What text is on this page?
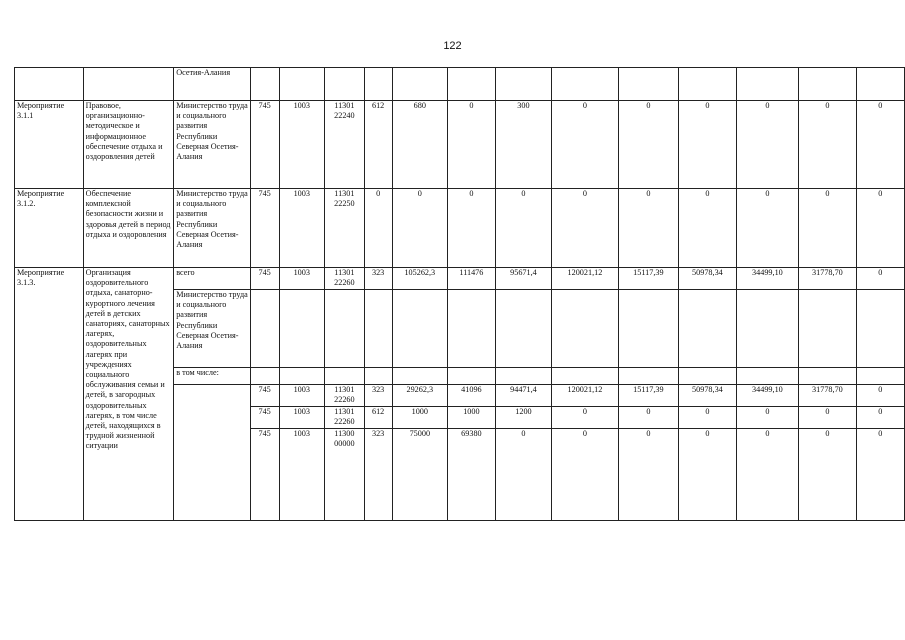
122
		Осетия-Алания													
Мероприятие 3.1.1	Правовое, организационно-методическое и информационное обеспечение отдыха и оздоровления детей	Министерство труда и социального развития Республики Северная Осетия-Алания	745	1003	11301 22240	612	680	0	300	0	0	0	0	0	0
Мероприятие 3.1.2.	Обеспечение комплексной безопасности жизни и здоровья детей в период отдыха и оздоровления	Министерство труда и социального развития Республики Северная Осетия-Алания	745	1003	11301 22250	0	0	0	0	0	0	0	0	0	0
Мероприятие 3.1.3.	Организация оздоровительного отдыха, санаторно-курортного лечения детей в детских санаториях, санаторных лагерях, оздоровительных лагерях при учреждениях социального обслуживания семьи и детей, в загородных оздоровительных лагерях, в том числе детей, находящихся в трудной жизненной ситуации	всего	745	1003	11301 22260	323	105262,3	111476	95671,4	120021,12	15117,39	50978,34	34499,10	31778,70	0
		Министерство труда и социального развития Республики Северная Осетия-Алания													
		в том числе:													
			745	1003	11301 22260	323	29262,3	41096	94471,4	120021,12	15117,39	50978,34	34499,10	31778,70	0
			745	1003	11301 22260	612	1000	1000	1200	0	0	0	0	0	0
			745	1003	11300 00000	323	75000	69380	0	0	0	0	0	0	0
